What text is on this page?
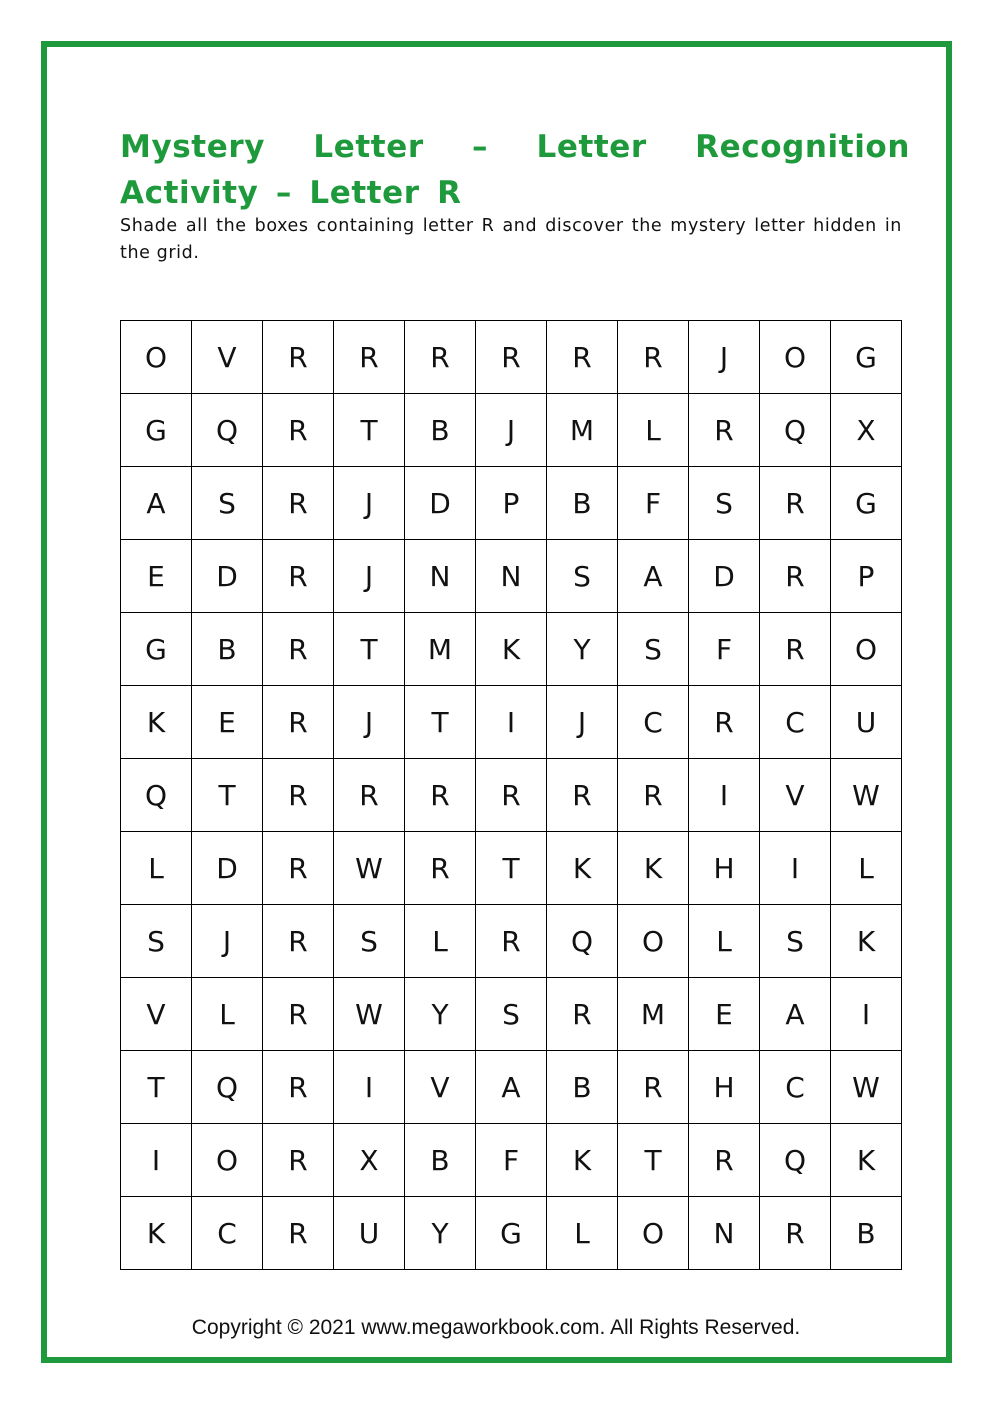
Mystery Letter – Letter Recognition Activity – Letter R
Shade all the boxes containing letter R and discover the mystery letter hidden in the grid.
O	V	R	R	R	R	R	R	J	O	G
G	Q	R	T	B	J	M	L	R	Q	X
A	S	R	J	D	P	B	F	S	R	G
E	D	R	J	N	N	S	A	D	R	P
G	B	R	T	M	K	Y	S	F	R	O
K	E	R	J	T	I	J	C	R	C	U
Q	T	R	R	R	R	R	R	I	V	W
L	D	R	W	R	T	K	K	H	I	L
S	J	R	S	L	R	Q	O	L	S	K
V	L	R	W	Y	S	R	M	E	A	I
T	Q	R	I	V	A	B	R	H	C	W
I	O	R	X	B	F	K	T	R	Q	K
K	C	R	U	Y	G	L	O	N	R	B
Copyright © 2021 www.megaworkbook.com. All Rights Reserved.
